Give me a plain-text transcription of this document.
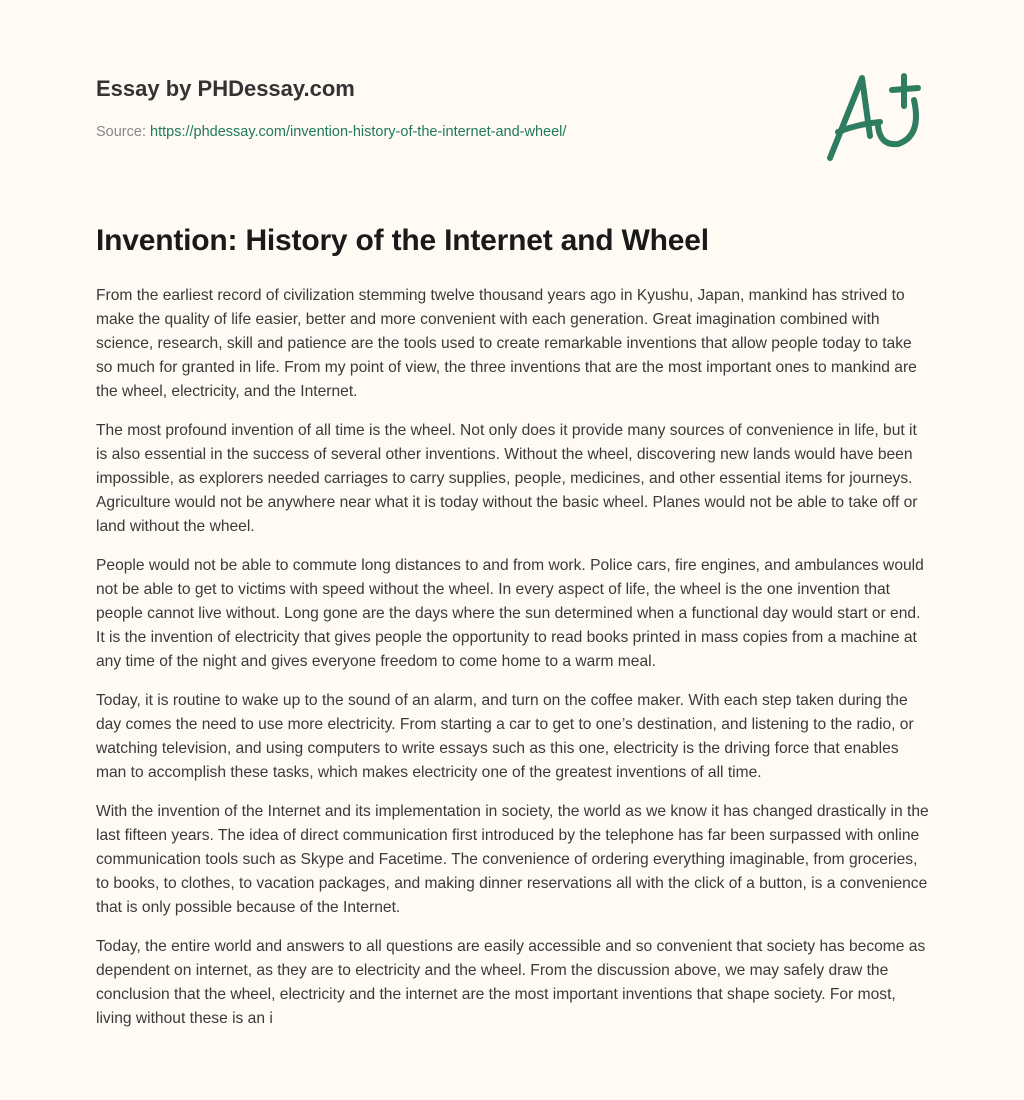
Essay by PHDessay.com
Source: https://phdessay.com/invention-history-of-the-internet-and-wheel/
Invention: History of the Internet and Wheel

From the earliest record of civilization stemming twelve thousand years ago in Kyushu, Japan, mankind has strived to make the quality of life easier, better and more convenient with each generation. Great imagination combined with science, research, skill and patience are the tools used to create remarkable inventions that allow people today to take so much for granted in life. From my point of view, the three inventions that are the most important ones to mankind are the wheel, electricity, and the Internet.

The most profound invention of all time is the wheel. Not only does it provide many sources of convenience in life, but it is also essential in the success of several other inventions. Without the wheel, discovering new lands would have been impossible, as explorers needed carriages to carry supplies, people, medicines, and other essential items for journeys. Agriculture would not be anywhere near what it is today without the basic wheel. Planes would not be able to take off or land without the wheel.

People would not be able to commute long distances to and from work. Police cars, fire engines, and ambulances would not be able to get to victims with speed without the wheel. In every aspect of life, the wheel is the one invention that people cannot live without. Long gone are the days where the sun determined when a functional day would start or end. It is the invention of electricity that gives people the opportunity to read books printed in mass copies from a machine at any time of the night and gives everyone freedom to come home to a warm meal.

Today, it is routine to wake up to the sound of an alarm, and turn on the coffee maker. With each step taken during the day comes the need to use more electricity. From starting a car to get to one’s destination, and listening to the radio, or watching television, and using computers to write essays such as this one, electricity is the driving force that enables man to accomplish these tasks, which makes electricity one of the greatest inventions of all time.

With the invention of the Internet and its implementation in society, the world as we know it has changed drastically in the last fifteen years. The idea of direct communication first introduced by the telephone has far been surpassed with online communication tools such as Skype and Facetime. The convenience of ordering everything imaginable, from groceries, to books, to clothes, to vacation packages, and making dinner reservations all with the click of a button, is a convenience that is only possible because of the Internet.

Today, the entire world and answers to all questions are easily accessible and so convenient that society has become as dependent on internet, as they are to electricity and the wheel. From the discussion above, we may safely draw the conclusion that the wheel, electricity and the internet are the most important inventions that shape society. For most, living without these is an i
